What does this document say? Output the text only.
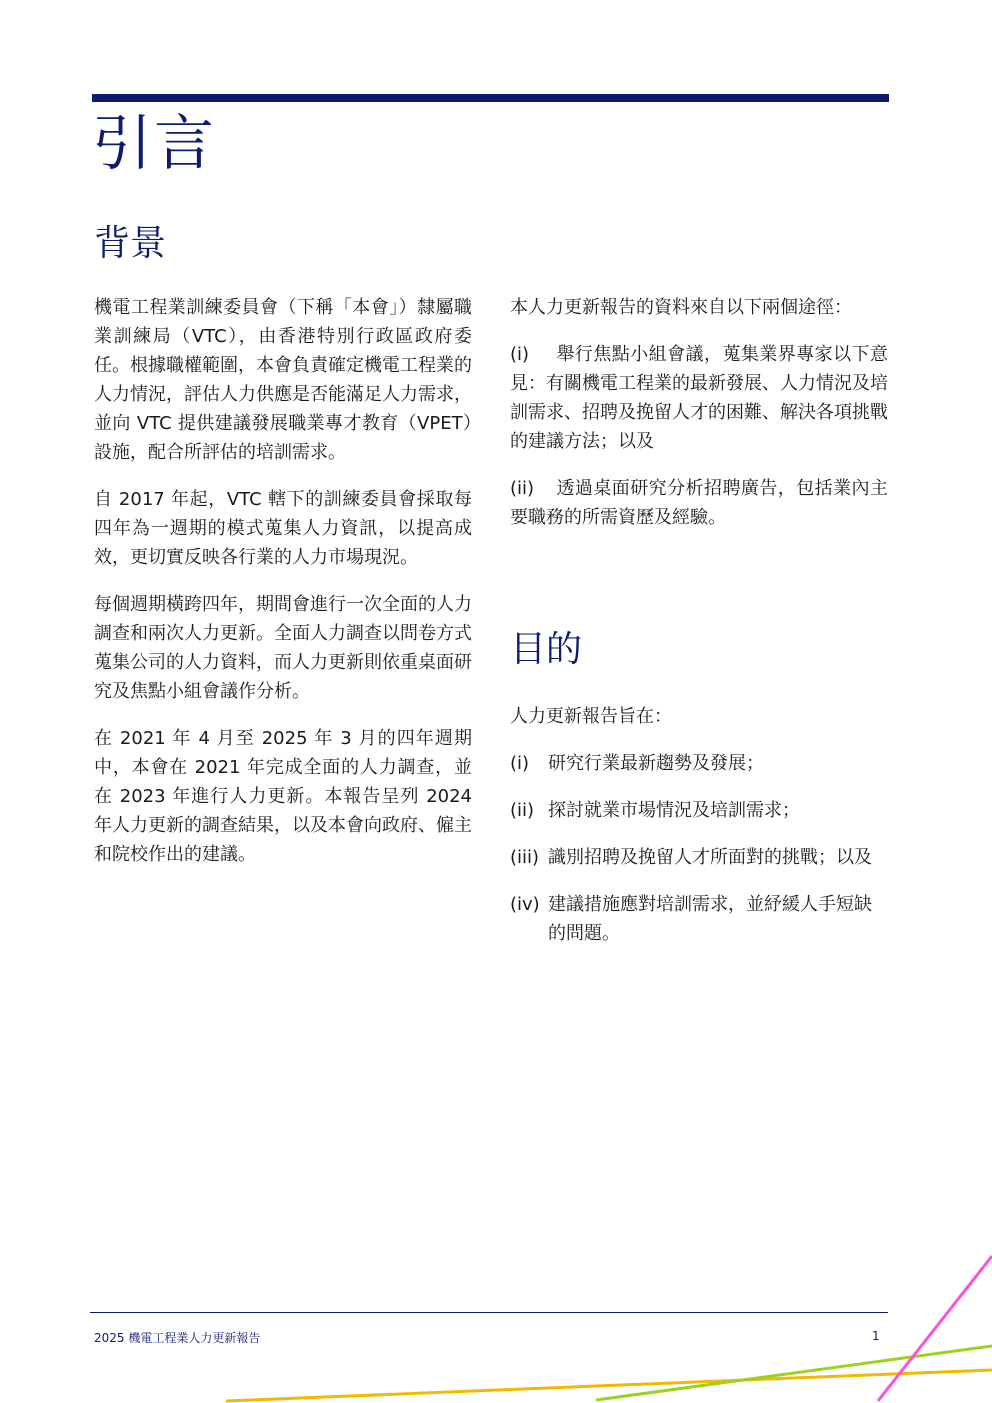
引言
背景

機電工程業訓練委員會（下稱「本會」）隸屬職業訓練局（VTC），由香港特別行政區政府委任。根據職權範圍，本會負責確定機電工程業的人力情況，評估人力供應是否能滿足人力需求，並向 VTC 提供建議發展職業專才教育（VPET）設施，配合所評估的培訓需求。

自 2017 年起，VTC 轄下的訓練委員會採取每四年為一週期的模式蒐集人力資訊，以提高成效，更切實反映各行業的人力市場現況。

每個週期橫跨四年，期間會進行一次全面的人力調查和兩次人力更新。全面人力調查以問卷方式蒐集公司的人力資料，而人力更新則依重桌面研究及焦點小組會議作分析。

在 2021 年 4 月至 2025 年 3 月的四年週期中，本會在 2021 年完成全面的人力調查，並在 2023 年進行人力更新。本報告呈列 2024 年人力更新的調查結果，以及本會向政府、僱主和院校作出的建議。

本人力更新報告的資料來自以下兩個途徑：

(i) 舉行焦點小組會議，蒐集業界專家以下意見：有關機電工程業的最新發展、人力情況及培訓需求、招聘及挽留人才的困難、解決各項挑戰的建議方法；以及
(ii) 透過桌面研究分析招聘廣告，包括業內主要職務的所需資歷及經驗。
目的

人力更新報告旨在：

(i)	研究行業最新趨勢及發展；
(ii) 探討就業市場情況及培訓需求；
(iii) 識別招聘及挽留人才所面對的挑戰；以及
(iv) 建議措施應對培訓需求，並紓緩人手短缺的問題。
2025 機電工程業人力更新報告	1
